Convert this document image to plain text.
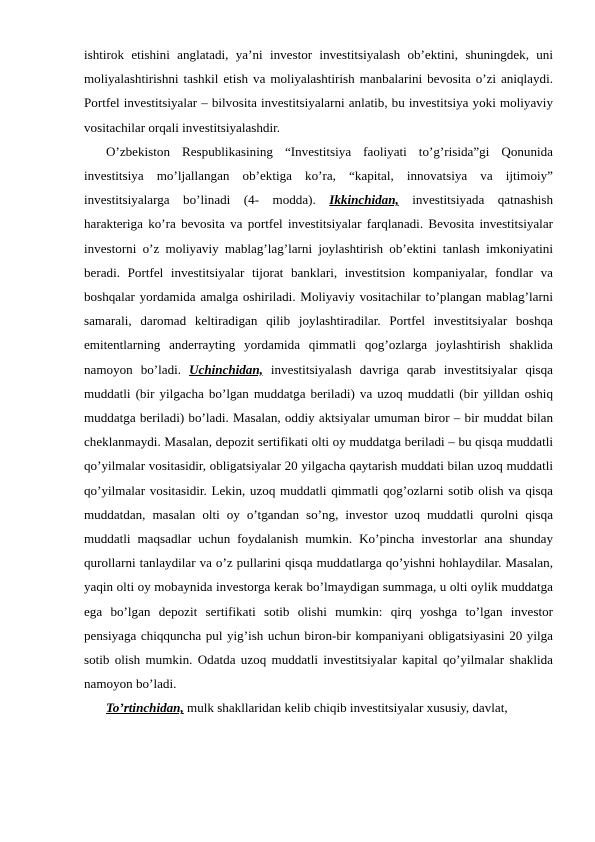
ishtirok etishini anglatadi, ya’ni investor investitsiyalash ob’ektini, shuningdek, uni moliyalashtirishni tashkil etish va moliyalashtirish manbalarini bevosita o’zi aniqlaydi. Portfel investitsiyalar – bilvosita investitsiyalarni anlatib, bu investitsiya yoki moliyaviy vositachilar orqali investitsiyalashdir.

O’zbekiston Respublikasining “Investitsiya faoliyati to’g’risida”gi Qonunida investitsiya mo’ljallangan ob’ektiga ko’ra, “kapital, innovatsiya va ijtimoiy” investitsiyalarga bo’linadi (4- modda). Ikkinchidan, investitsiyada qatnashish harakteriga ko’ra bevosita va portfel investitsiyalar farqlanadi. Bevosita investitsiyalar investorni o’z moliyaviy mablag’lag’larni joylashtirish ob’ektini tanlash imkoniyatini beradi. Portfel investitsiyalar tijorat banklari, investitsion kompaniyalar, fondlar va boshqalar yordamida amalga oshiriladi. Moliyaviy vositachilar to’plangan mablag’larni samarali, daromad keltiradigan qilib joylashtiradilar. Portfel investitsiyalar boshqa emitentlarning anderrayting yordamida qimmatli qog’ozlarga joylashtirish shaklida namoyon bo’ladi. Uchinchidan, investitsiyalash davriga qarab investitsiyalar qisqa muddatli (bir yilgacha bo’lgan muddatga beriladi) va uzoq muddatli (bir yilldan oshiq muddatga beriladi) bo’ladi. Masalan, oddiy aktsiyalar umuman biror – bir muddat bilan cheklanmaydi. Masalan, depozit sertifikati olti oy muddatga beriladi – bu qisqa muddatli qo’yilmalar vositasidir, obligatsiyalar 20 yilgacha qaytarish muddati bilan uzoq muddatli qo’yilmalar vositasidir. Lekin, uzoq muddatli qimmatli qog’ozlarni sotib olish va qisqa muddatdan, masalan olti oy o’tgandan so’ng, investor uzoq muddatli qurolni qisqa muddatli maqsadlar uchun foydalanish mumkin. Ko’pincha investorlar ana shunday qurollarni tanlaydilar va o’z pullarini qisqa muddatlarga qo’yishni hohlaydilar. Masalan, yaqin olti oy mobaynida investorga kerak bo’lmaydigan summaga, u olti oylik muddatga ega bo’lgan depozit sertifikati sotib olishi mumkin: qirq yoshga to’lgan investor pensiyaga chiqquncha pul yig’ish uchun biron-bir kompaniyani obligatsiyasini 20 yilga sotib olish mumkin. Odatda uzoq muddatli investitsiyalar kapital qo’yilmalar shaklida namoyon bo’ladi.

To’rtinchidan, mulk shakllaridan kelib chiqib investitsiyalar xususiy, davlat,
